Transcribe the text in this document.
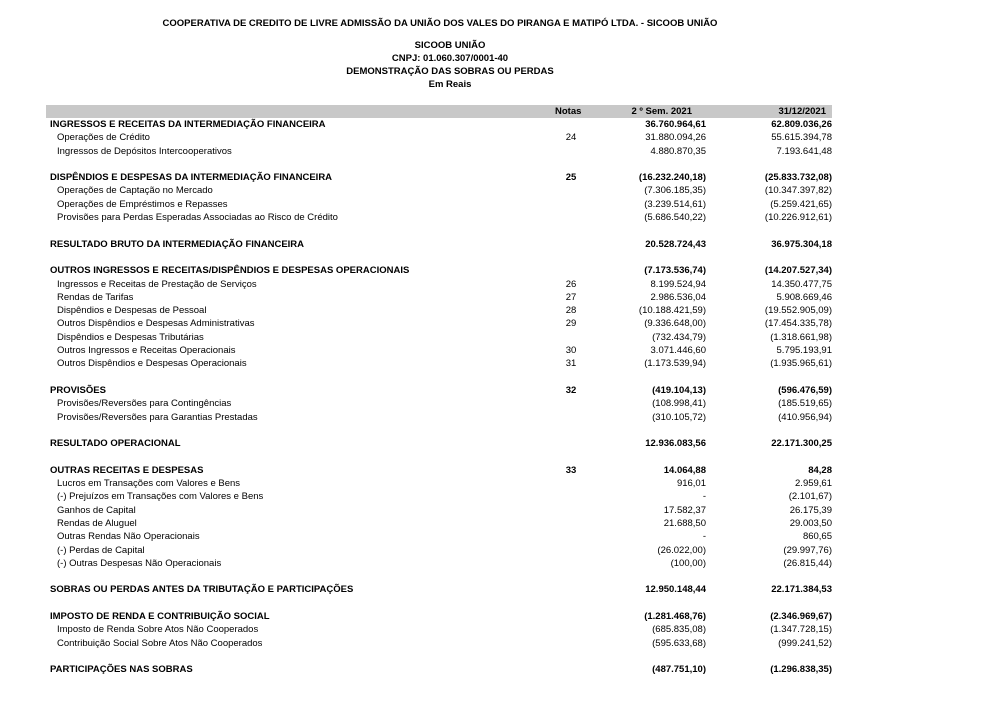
COOPERATIVA DE CREDITO DE LIVRE ADMISSÃO DA UNIÃO DOS VALES DO PIRANGA E MATIPÓ LTDA. - SICOOB UNIÃO
SICOOB UNIÃO
CNPJ: 01.060.307/0001-40
DEMONSTRAÇÃO DAS SOBRAS OU PERDAS
Em Reais
Notas	2 º Sem. 2021	31/12/2021
INGRESSOS E RECEITAS DA INTERMEDIAÇÃO FINANCEIRA	36.760.964,61	62.809.036,26
Operações de Crédito	24	31.880.094,26	55.615.394,78
Ingressos de Depósitos Intercooperativos	4.880.870,35	7.193.641,48
DISPÊNDIOS E DESPESAS DA INTERMEDIAÇÃO FINANCEIRA	25	(16.232.240,18)	(25.833.732,08)
Operações de Captação no Mercado	(7.306.185,35)	(10.347.397,82)
Operações de Empréstimos e Repasses	(3.239.514,61)	(5.259.421,65)
Provisões para Perdas Esperadas Associadas ao Risco de Crédito	(5.686.540,22)	(10.226.912,61)
RESULTADO BRUTO DA INTERMEDIAÇÃO FINANCEIRA	20.528.724,43	36.975.304,18
OUTROS INGRESSOS E RECEITAS/DISPÊNDIOS E DESPESAS OPERACIONAIS	(7.173.536,74)	(14.207.527,34)
Ingressos e Receitas de Prestação de Serviços	26	8.199.524,94	14.350.477,75
Rendas de Tarifas	27	2.986.536,04	5.908.669,46
Dispêndios e Despesas de Pessoal	28	(10.188.421,59)	(19.552.905,09)
Outros Dispêndios e Despesas Administrativas	29	(9.336.648,00)	(17.454.335,78)
Dispêndios e Despesas Tributárias	(732.434,79)	(1.318.661,98)
Outros Ingressos e Receitas Operacionais	30	3.071.446,60	5.795.193,91
Outros Dispêndios e Despesas Operacionais	31	(1.173.539,94)	(1.935.965,61)
PROVISÕES	32	(419.104,13)	(596.476,59)
Provisões/Reversões para Contingências	(108.998,41)	(185.519,65)
Provisões/Reversões para Garantias Prestadas	(310.105,72)	(410.956,94)
RESULTADO OPERACIONAL	12.936.083,56	22.171.300,25
OUTRAS RECEITAS E DESPESAS	33	14.064,88	84,28
Lucros em Transações com Valores e Bens	916,01	2.959,61
(-) Prejuízos em Transações com Valores e Bens	-	(2.101,67)
Ganhos de Capital	17.582,37	26.175,39
Rendas de Aluguel	21.688,50	29.003,50
Outras Rendas Não Operacionais	-	860,65
(-) Perdas de Capital	(26.022,00)	(29.997,76)
(-) Outras Despesas Não Operacionais	(100,00)	(26.815,44)
SOBRAS OU PERDAS ANTES DA TRIBUTAÇÃO E PARTICIPAÇÕES	12.950.148,44	22.171.384,53
IMPOSTO DE RENDA E CONTRIBUIÇÃO SOCIAL	(1.281.468,76)	(2.346.969,67)
Imposto de Renda Sobre Atos Não Cooperados	(685.835,08)	(1.347.728,15)
Contribuição Social Sobre Atos Não Cooperados	(595.633,68)	(999.241,52)
PARTICIPAÇÕES NAS SOBRAS	(487.751,10)	(1.296.838,35)
